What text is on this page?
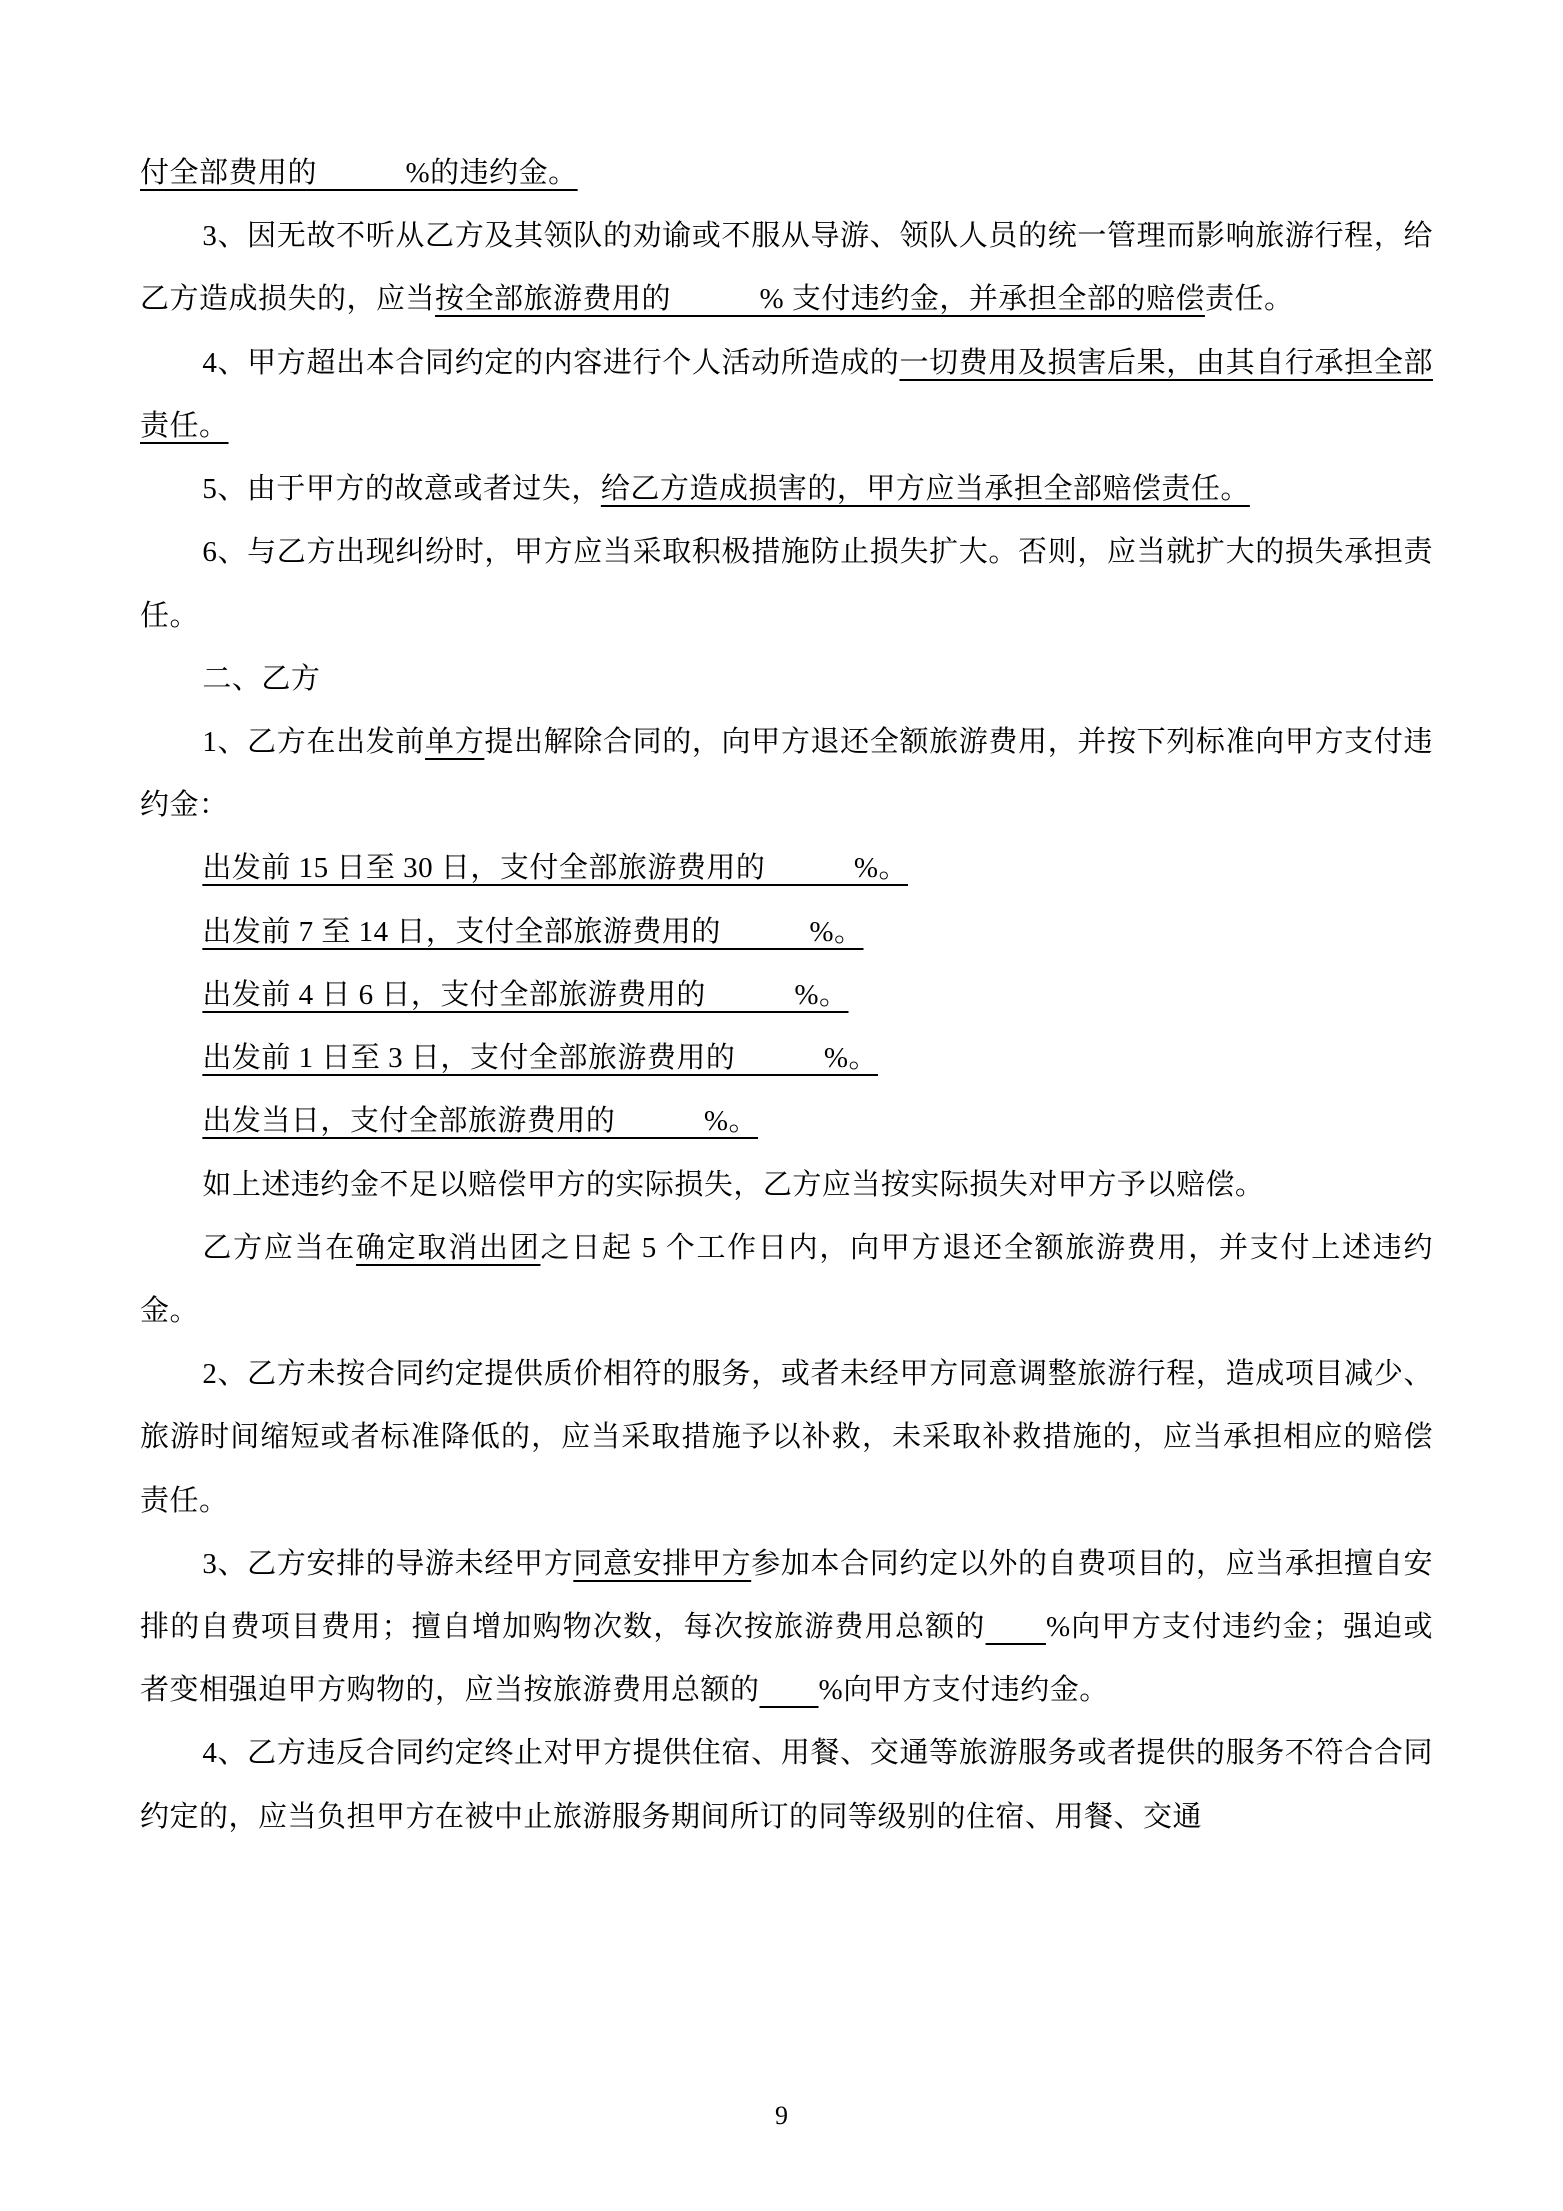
付全部费用的　　　%的违约金。

3、因无故不听从乙方及其领队的劝谕或不服从导游、领队人员的统一管理而影响旅游行程，给乙方造成损失的，应当按全部旅游费用的　　　% 支付违约金，并承担全部的赔偿责任。

4、甲方超出本合同约定的内容进行个人活动所造成的一切费用及损害后果，由其自行承担全部责任。

5、由于甲方的故意或者过失，给乙方造成损害的，甲方应当承担全部赔偿责任。

6、与乙方出现纠纷时，甲方应当采取积极措施防止损失扩大。否则，应当就扩大的损失承担责任。

二、乙方

1、乙方在出发前单方提出解除合同的，向甲方退还全额旅游费用，并按下列标准向甲方支付违约金：

出发前 15 日至 30 日，支付全部旅游费用的　　　%。

出发前 7 至 14 日，支付全部旅游费用的　　　%。

出发前 4 日 6 日，支付全部旅游费用的　　　%。

出发前 1 日至 3 日，支付全部旅游费用的　　　%。

出发当日，支付全部旅游费用的　　　%。

如上述违约金不足以赔偿甲方的实际损失，乙方应当按实际损失对甲方予以赔偿。

乙方应当在确定取消出团之日起 5 个工作日内，向甲方退还全额旅游费用，并支付上述违约金。

2、乙方未按合同约定提供质价相符的服务，或者未经甲方同意调整旅游行程，造成项目减少、旅游时间缩短或者标准降低的，应当采取措施予以补救，未采取补救措施的，应当承担相应的赔偿责任。

3、乙方安排的导游未经甲方同意安排甲方参加本合同约定以外的自费项目的，应当承担擅自安排的自费项目费用；擅自增加购物次数，每次按旅游费用总额的　　 %向甲方支付违约金；强迫或者变相强迫甲方购物的，应当按旅游费用总额的　　 %向甲方支付违约金。

4、乙方违反合同约定终止对甲方提供住宿、用餐、交通等旅游服务或者提供的服务不符合合同约定的，应当负担甲方在被中止旅游服务期间所订的同等级别的住宿、用餐、交通

9
